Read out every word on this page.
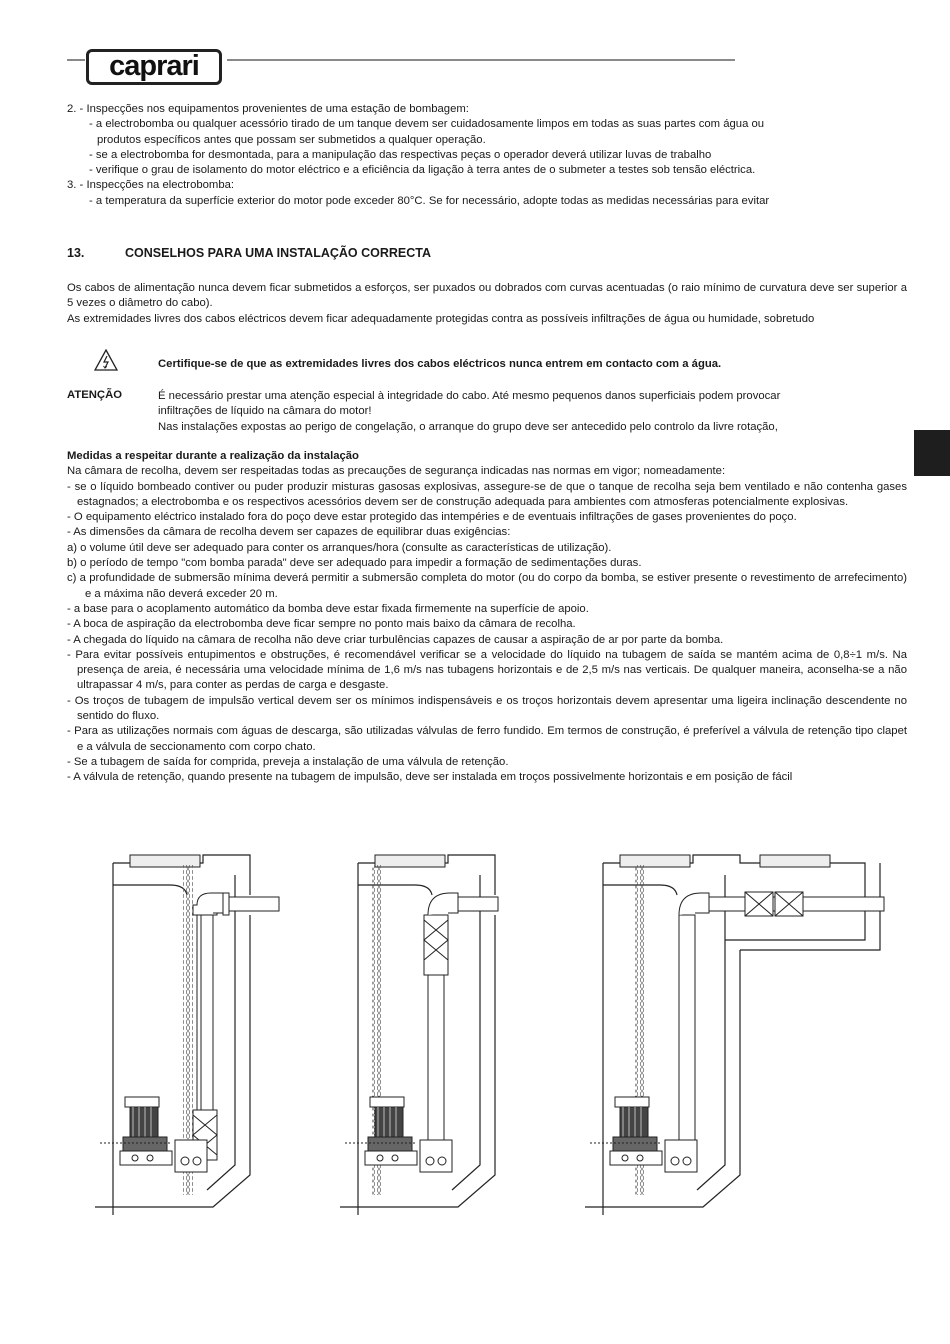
caprari

2. - Inspecções nos equipamentos provenientes de uma estação de bombagem:

- a electrobomba ou qualquer acessório tirado de um tanque devem ser cuidadosamente limpos em todas as suas partes com água ou

produtos específicos antes que possam ser submetidos a qualquer operação.

- se a electrobomba for desmontada, para a manipulação das respectivas peças o operador deverá utilizar luvas de trabalho

- verifique o grau de isolamento do motor eléctrico e a eficiência da ligação à terra antes de o submeter a testes sob tensão eléctrica.

3. - Inspecções na electrobomba:

- a temperatura da superfície exterior do motor pode exceder 80°C. Se for necessário, adopte todas as medidas necessárias para evitar

13.	CONSELHOS PARA UMA INSTALAÇÃO CORRECTA

Os cabos de alimentação nunca devem ficar submetidos a esforços, ser puxados ou dobrados com curvas acentuadas (o raio mínimo de curvatura deve ser superior a 5 vezes o diâmetro do cabo).

As extremidades livres dos cabos eléctricos devem ficar adequadamente protegidas contra as possíveis infiltrações de água ou humidade, sobretudo

Certifique-se de que as extremidades livres dos cabos eléctricos nunca entrem em contacto com a água.
ATENÇÃO	É necessário prestar uma atenção especial à integridade do cabo. Até mesmo pequenos danos superficiais podem provocar

infiltrações de líquido na câmara do motor!

Nas instalações expostas ao perigo de congelação, o arranque do grupo deve ser antecedido pelo controlo da livre rotação,

Medidas a respeitar durante a realização da instalação

Na câmara de recolha, devem ser respeitadas todas as precauções de segurança indicadas nas normas em vigor; nomeadamente:

- se o líquido bombeado contiver ou puder produzir misturas gasosas explosivas, assegure-se de que o tanque de recolha seja bem ventilado e não contenha gases estagnados; a electrobomba e os respectivos acessórios devem ser de construção adequada para ambientes com atmosferas potencialmente explosivas.

- O equipamento eléctrico instalado fora do poço deve estar protegido das intempéries e de eventuais infiltrações de gases provenientes do poço.

- As dimensões da câmara de recolha devem ser capazes de equilibrar duas exigências:

a) o volume útil deve ser adequado para conter os arranques/hora (consulte as características de utilização).

b) o período de tempo "com bomba parada" deve ser adequado para impedir a formação de sedimentações duras.

c) a profundidade de submersão mínima deverá permitir a submersão completa do motor (ou do corpo da bomba, se estiver presente o revestimento de arrefecimento) e a máxima não deverá exceder 20 m.

- a base para o acoplamento automático da bomba deve estar fixada firmemente na superfície de apoio.

- A boca de aspiração da electrobomba deve ficar sempre no ponto mais baixo da câmara de recolha.

- A chegada do líquido na câmara de recolha não deve criar turbulências capazes de causar a aspiração de ar por parte da bomba.

- Para evitar possíveis entupimentos e obstruções, é recomendável verificar se a velocidade do líquido na tubagem de saída se mantém acima de 0,8÷1 m/s. Na presença de areia, é necessária uma velocidade mínima de 1,6 m/s nas tubagens horizontais e de 2,5 m/s nas verticais. De qualquer maneira, aconselha-se a não ultrapassar 4 m/s, para conter as perdas de carga e desgaste.

- Os troços de tubagem de impulsão vertical devem ser os mínimos indispensáveis e os troços horizontais devem apresentar uma ligeira inclinação descendente no sentido do fluxo.

- Para as utilizações normais com águas de descarga, são utilizadas válvulas de ferro fundido. Em termos de construção, é preferível a válvula de retenção tipo clapet e a válvula de seccionamento com corpo chato.

- Se a tubagem de saída for comprida, preveja a instalação de uma válvula de retenção.

- A válvula de retenção, quando presente na tubagem de impulsão, deve ser instalada em troços possivelmente horizontais e em posição de fácil
